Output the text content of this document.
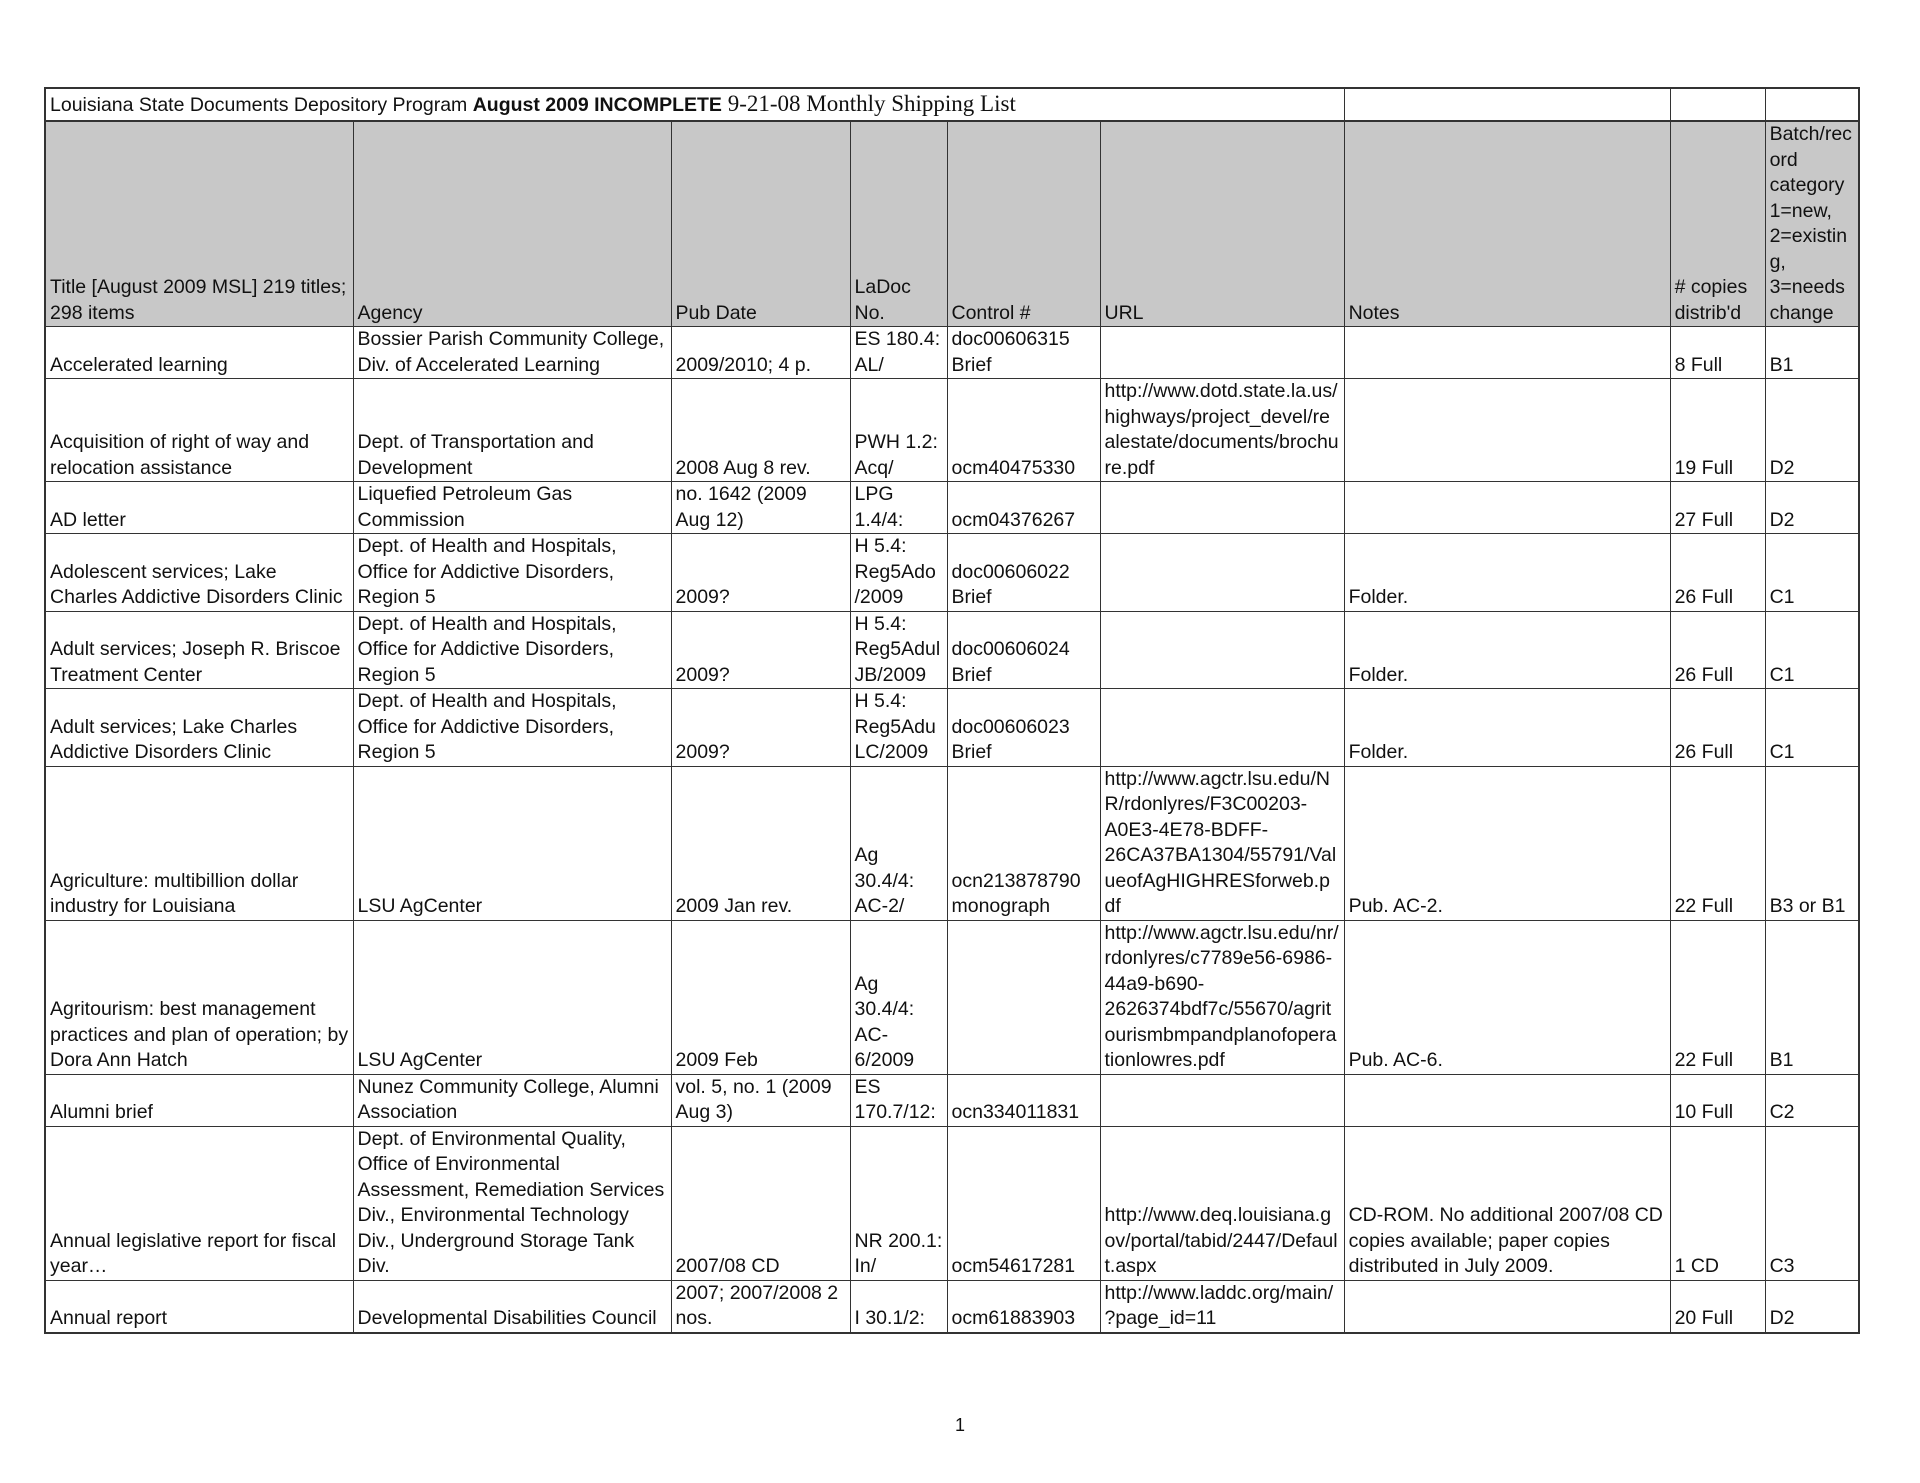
Louisiana State Documents Depository Program August 2009 INCOMPLETE 9-21-08 Monthly Shipping List								
Title [August 2009 MSL] 219 titles; 298 items	Agency	Pub Date	LaDoc No.	Control #	URL	Notes	# copies distrib'd	Batch/record category 1=new, 2=existing, 3=needs change
Accelerated learning	Bossier Parish Community College, Div. of Accelerated Learning	2009/2010; 4 p.	ES 180.4: AL/	doc00606315 Brief			8 Full	B1
Acquisition of right of way and relocation assistance	Dept. of Transportation and Development	2008 Aug 8 rev.	PWH 1.2: Acq/	ocm40475330	http://www.dotd.state.la.us/highways/project_devel/realestate/documents/brochure.pdf		19 Full	D2
AD letter	Liquefied Petroleum Gas Commission	no. 1642 (2009 Aug 12)	LPG 1.4/4:	ocm04376267			27 Full	D2
Adolescent services; Lake Charles Addictive Disorders Clinic	Dept. of Health and Hospitals, Office for Addictive Disorders, Region 5	2009?	H 5.4: Reg5Ado /2009	doc00606022 Brief		Folder.	26 Full	C1
Adult services; Joseph R. Briscoe Treatment Center	Dept. of Health and Hospitals, Office for Addictive Disorders, Region 5	2009?	H 5.4: Reg5Adul JB/2009	doc00606024 Brief		Folder.	26 Full	C1
Adult services; Lake Charles Addictive Disorders Clinic	Dept. of Health and Hospitals, Office for Addictive Disorders, Region 5	2009?	H 5.4: Reg5Adu LC/2009	doc00606023 Brief		Folder.	26 Full	C1
Agriculture: multibillion dollar industry for Louisiana	LSU AgCenter	2009 Jan rev.	Ag 30.4/4: AC-2/	ocn213878790 monograph	http://www.agctr.lsu.edu/NR/rdonlyres/F3C00203-A0E3-4E78-BDFF-26CA37BA1304/55791/ValueofAgHIGHRESforweb.pdf	Pub. AC-2.	22 Full	B3 or B1
Agritourism: best management practices and plan of operation; by Dora Ann Hatch	LSU AgCenter	2009 Feb	Ag 30.4/4: AC-6/2009		http://www.agctr.lsu.edu/nr/rdonlyres/c7789e56-6986-44a9-b690-2626374bdf7c/55670/agritourismbmpandplanofoperationlowres.pdf	Pub. AC-6.	22 Full	B1
Alumni brief	Nunez Community College, Alumni Association	vol. 5, no. 1 (2009 Aug 3)	ES 170.7/12:	ocn334011831			10 Full	C2
Annual legislative report for fiscal year…	Dept. of Environmental Quality, Office of Environmental Assessment, Remediation Services Div., Environmental Technology Div., Underground Storage Tank Div.	2007/08 CD	NR 200.1: In/	ocm54617281	http://www.deq.louisiana.gov/portal/tabid/2447/Default.aspx	CD-ROM. No additional 2007/08 CD copies available; paper copies distributed in July 2009.	1 CD	C3
Annual report	Developmental Disabilities Council	2007; 2007/2008 2 nos.	I 30.1/2:	ocm61883903	http://www.laddc.org/main/?page_id=11		20 Full	D2
1
